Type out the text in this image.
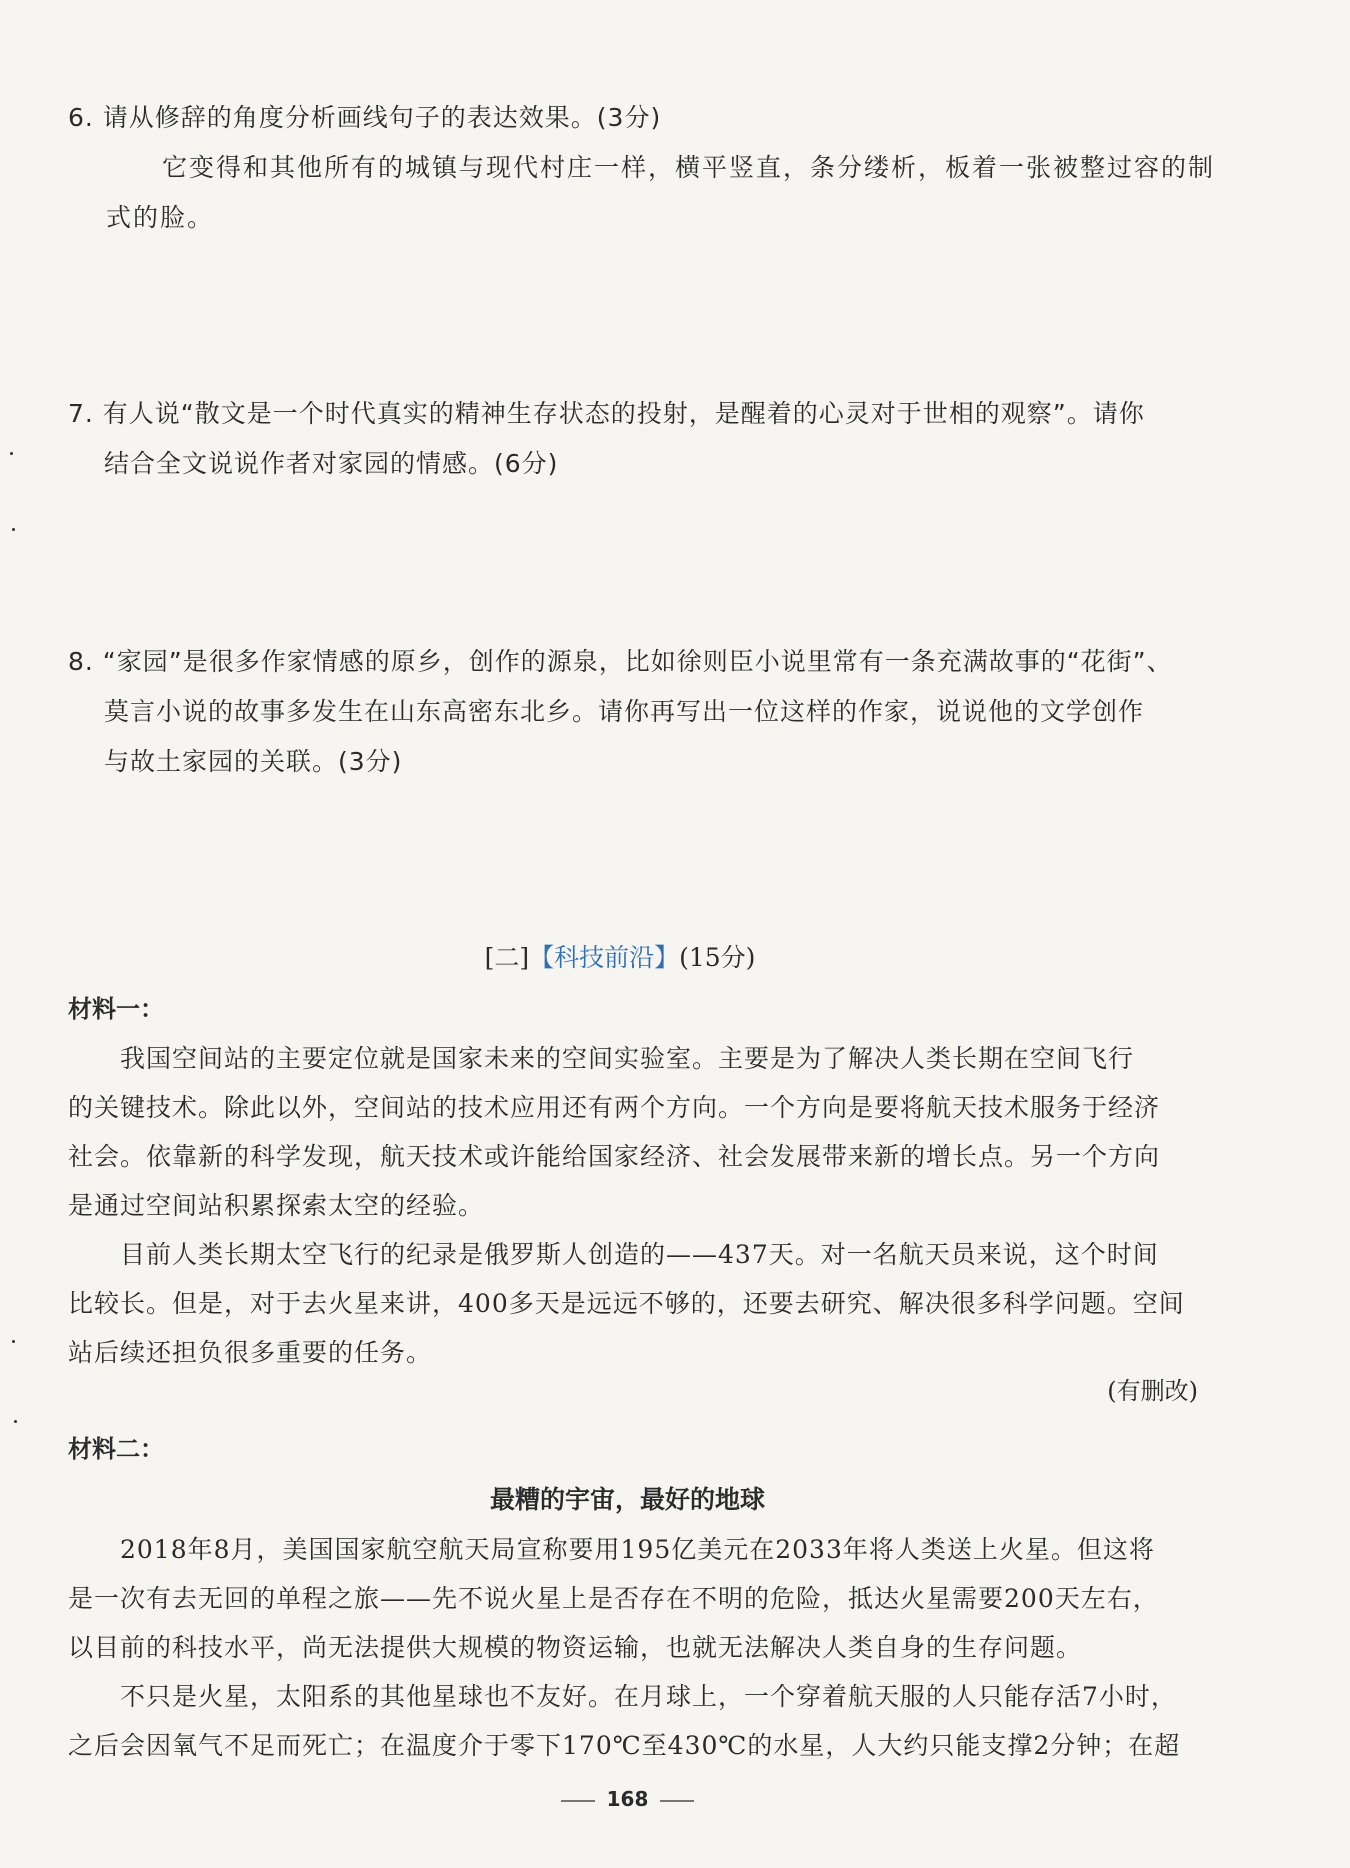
6. 请从修辞的角度分析画线句子的表达效果。(3分)
它变得和其他所有的城镇与现代村庄一样，横平竖直，条分缕析，板着一张被整过容的制
式的脸。
7. 有人说“散文是一个时代真实的精神生存状态的投射，是醒着的心灵对于世相的观察”。请你
结合全文说说作者对家园的情感。(6分)
8. “家园”是很多作家情感的原乡，创作的源泉，比如徐则臣小说里常有一条充满故事的“花街”、
莫言小说的故事多发生在山东高密东北乡。请你再写出一位这样的作家，说说他的文学创作
与故土家园的关联。(3分)
[二]【科技前沿】(15分)
材料一：
我国空间站的主要定位就是国家未来的空间实验室。主要是为了解决人类长期在空间飞行
的关键技术。除此以外，空间站的技术应用还有两个方向。一个方向是要将航天技术服务于经济
社会。依靠新的科学发现，航天技术或许能给国家经济、社会发展带来新的增长点。另一个方向
是通过空间站积累探索太空的经验。
目前人类长期太空飞行的纪录是俄罗斯人创造的——437天。对一名航天员来说，这个时间
比较长。但是，对于去火星来讲，400多天是远远不够的，还要去研究、解决很多科学问题。空间
站后续还担负很多重要的任务。
(有删改)
材料二：
最糟的宇宙，最好的地球
2018年8月，美国国家航空航天局宣称要用195亿美元在2033年将人类送上火星。但这将
是一次有去无回的单程之旅——先不说火星上是否存在不明的危险，抵达火星需要200天左右，
以目前的科技水平，尚无法提供大规模的物资运输，也就无法解决人类自身的生存问题。
不只是火星，太阳系的其他星球也不友好。在月球上，一个穿着航天服的人只能存活7小时，
之后会因氧气不足而死亡；在温度介于零下170℃至430℃的水星，人大约只能支撑2分钟；在超
168
